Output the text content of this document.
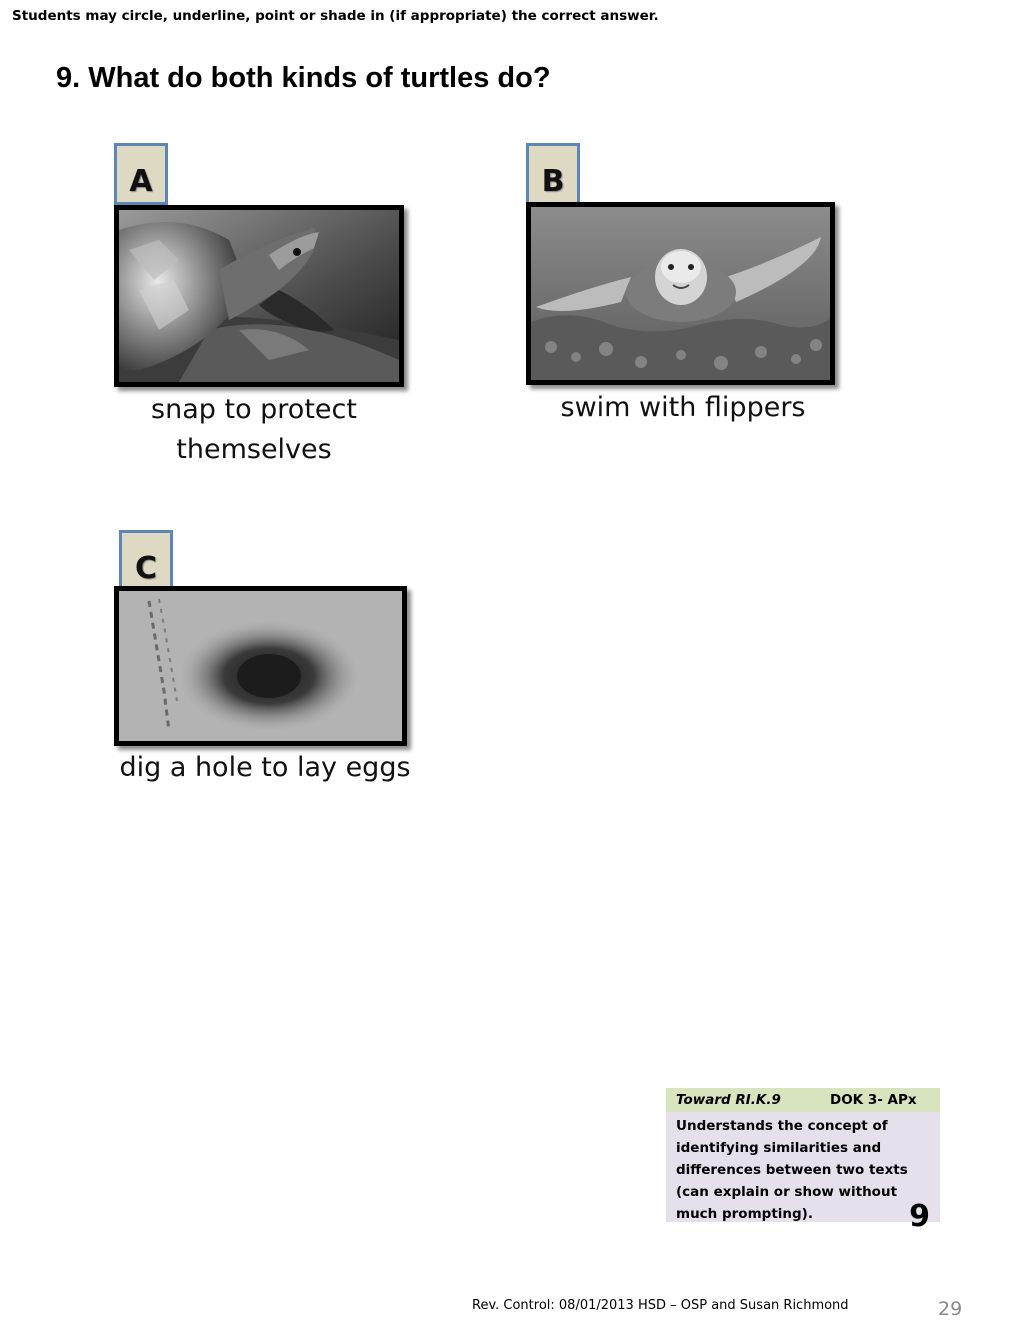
Students may circle, underline, point or shade in (if appropriate) the correct answer.
9. What do both kinds of turtles do?
A
snap to protect
themselves
B
swim with flippers
C
dig a hole to lay eggs
Toward RI.K.9	DOK 3- APx
Understands the concept of identifying similarities and differences between two texts (can explain or show without much prompting).	9
Rev. Control: 08/01/2013 HSD – OSP and Susan Richmond	29
